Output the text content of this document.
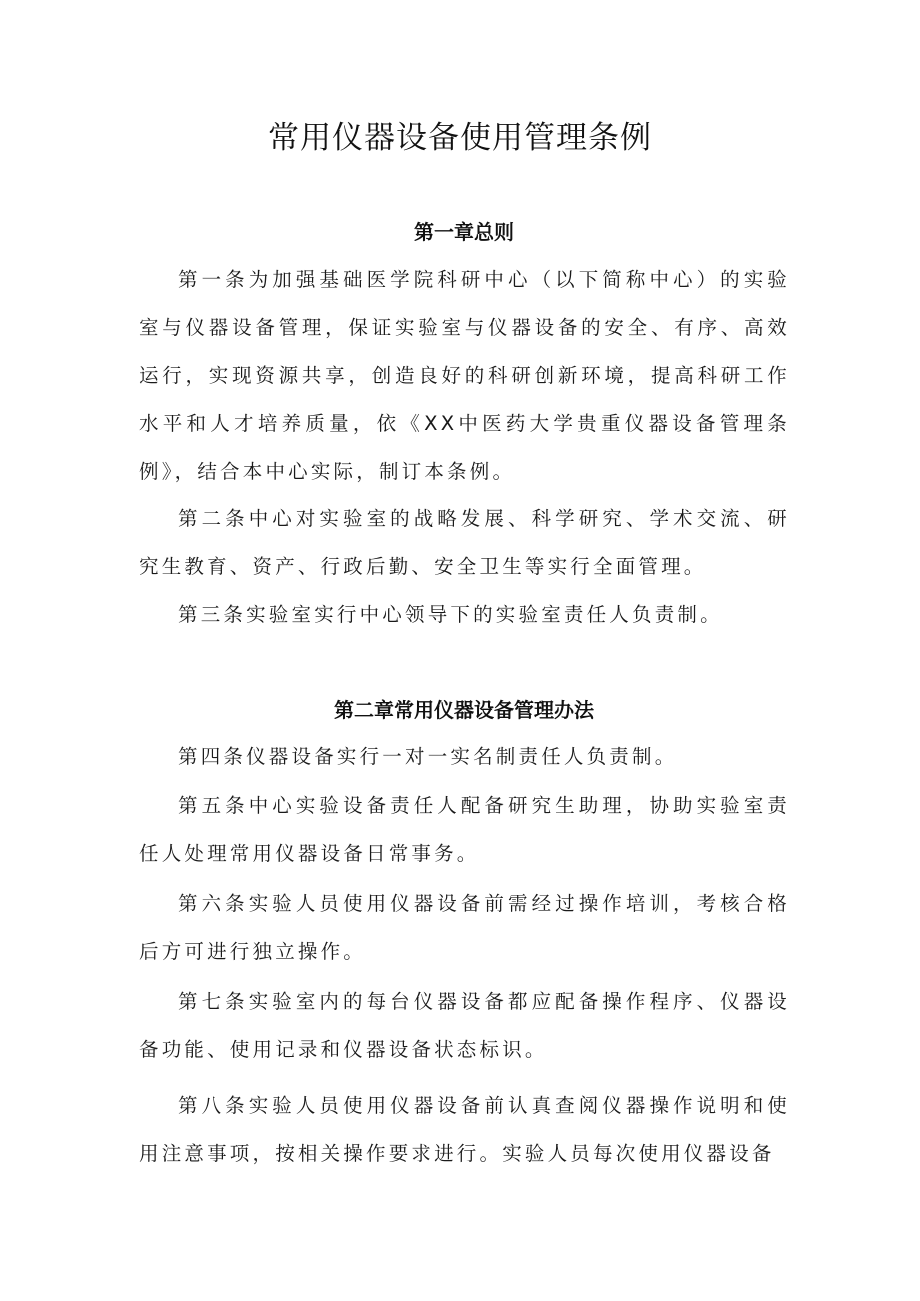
常用仪器设备使用管理条例
第一章总则

第一条为加强基础医学院科研中心（以下简称中心）的实验室与仪器设备管理，保证实验室与仪器设备的安全、有序、高效运行，实现资源共享，创造良好的科研创新环境，提高科研工作水平和人才培养质量，依《XX中医药大学贵重仪器设备管理条例》，结合本中心实际，制订本条例。

第二条中心对实验室的战略发展、科学研究、学术交流、研究生教育、资产、行政后勤、安全卫生等实行全面管理。

第三条实验室实行中心领导下的实验室责任人负责制。

第二章常用仪器设备管理办法

第四条仪器设备实行一对一实名制责任人负责制。

第五条中心实验设备责任人配备研究生助理，协助实验室责任人处理常用仪器设备日常事务。

第六条实验人员使用仪器设备前需经过操作培训，考核合格后方可进行独立操作。

第七条实验室内的每台仪器设备都应配备操作程序、仪器设备功能、使用记录和仪器设备状态标识。

第八条实验人员使用仪器设备前认真查阅仪器操作说明和使用注意事项，按相关操作要求进行。实验人员每次使用仪器设备
